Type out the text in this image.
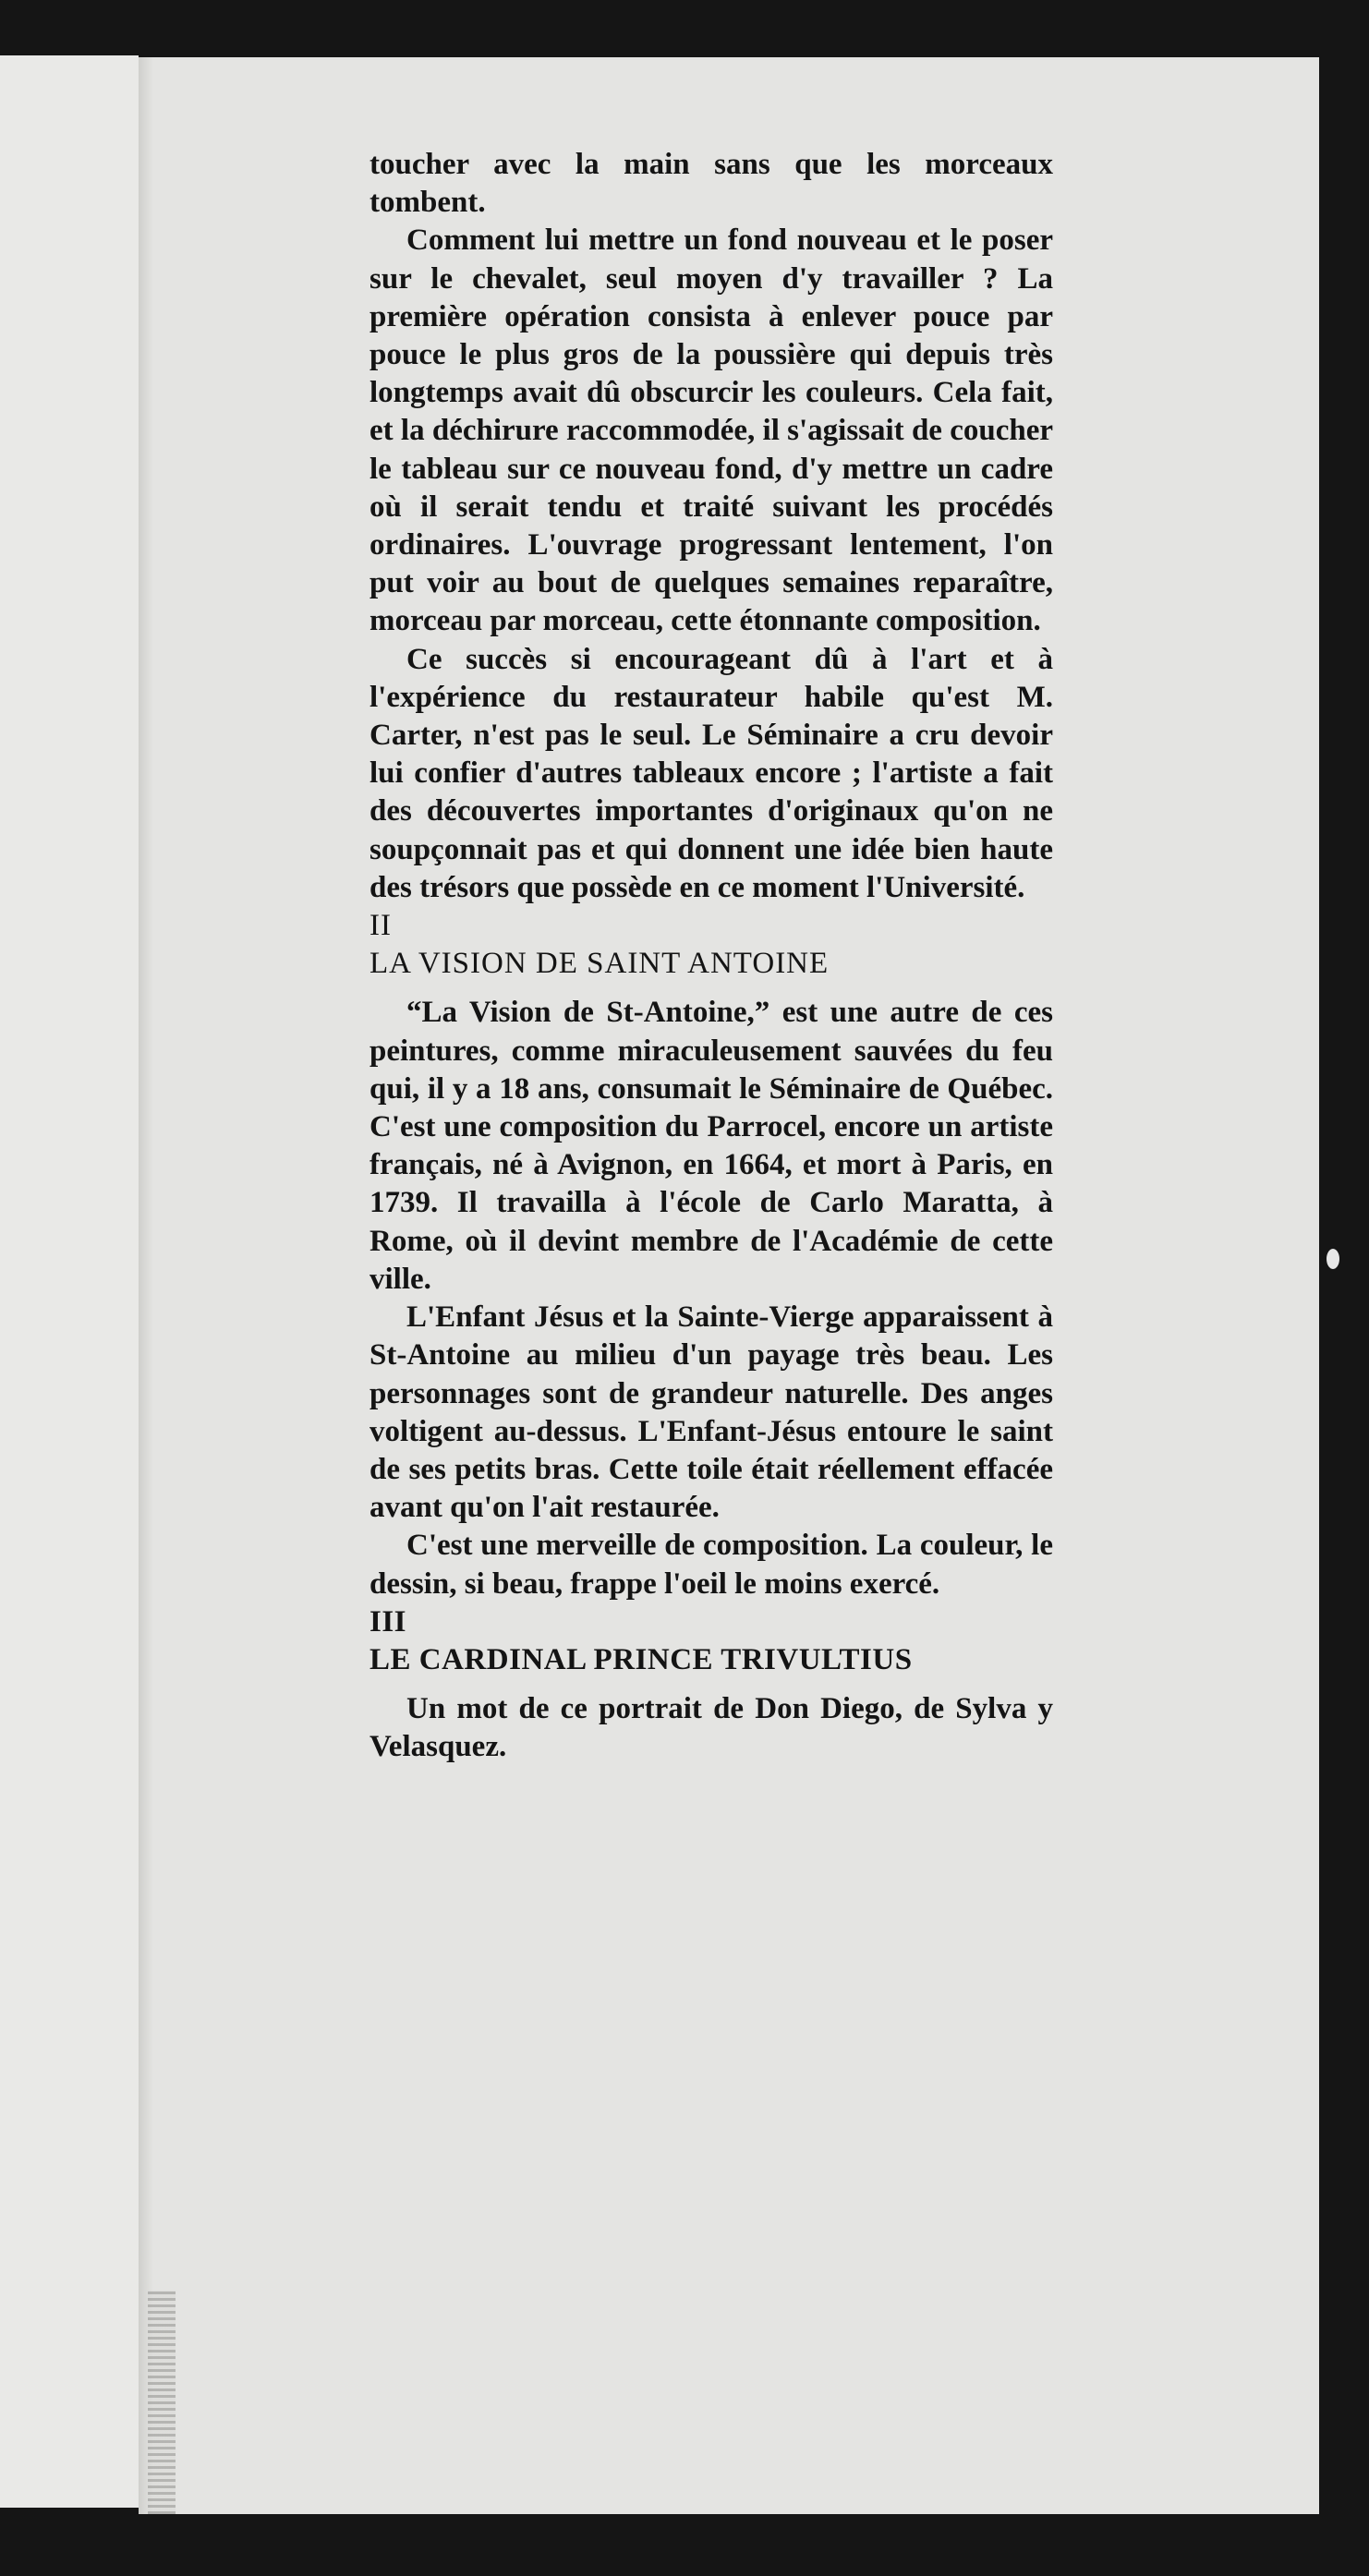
toucher avec la main sans que les morceaux tombent.

Comment lui mettre un fond nouveau et le poser sur le chevalet, seul moyen d'y travailler ? La première opération consista à enlever pouce par pouce le plus gros de la poussière qui depuis très longtemps avait dû obscurcir les couleurs. Cela fait, et la déchirure raccommodée, il s'agissait de coucher le tableau sur ce nouveau fond, d'y mettre un cadre où il serait tendu et traité suivant les procédés ordinaires. L'ouvrage progressant lentement, l'on put voir au bout de quelques semaines reparaître, morceau par morceau, cette étonnante composition.

Ce succès si encourageant dû à l'art et à l'expérience du restaurateur habile qu'est M. Carter, n'est pas le seul. Le Séminaire a cru devoir lui confier d'autres tableaux encore ; l'artiste a fait des découvertes importantes d'originaux qu'on ne soupçonnait pas et qui donnent une idée bien haute des trésors que possède en ce moment l'Université.

II

LA VISION DE SAINT ANTOINE

“La Vision de St-Antoine,” est une autre de ces peintures, comme miraculeusement sauvées du feu qui, il y a 18 ans, consumait le Séminaire de Québec. C'est une composition du Parrocel, encore un artiste français, né à Avignon, en 1664, et mort à Paris, en 1739. Il travailla à l'école de Carlo Maratta, à Rome, où il devint membre de l'Académie de cette ville.

L'Enfant Jésus et la Sainte-Vierge apparaissent à St-Antoine au milieu d'un payage très beau. Les personnages sont de grandeur naturelle. Des anges voltigent au-dessus. L'Enfant-Jésus entoure le saint de ses petits bras. Cette toile était réellement effacée avant qu'on l'ait restaurée.

C'est une merveille de composition. La couleur, le dessin, si beau, frappe l'oeil le moins exercé.

III

LE CARDINAL PRINCE TRIVULTIUS

Un mot de ce portrait de Don Diego, de Sylva y Velasquez.
